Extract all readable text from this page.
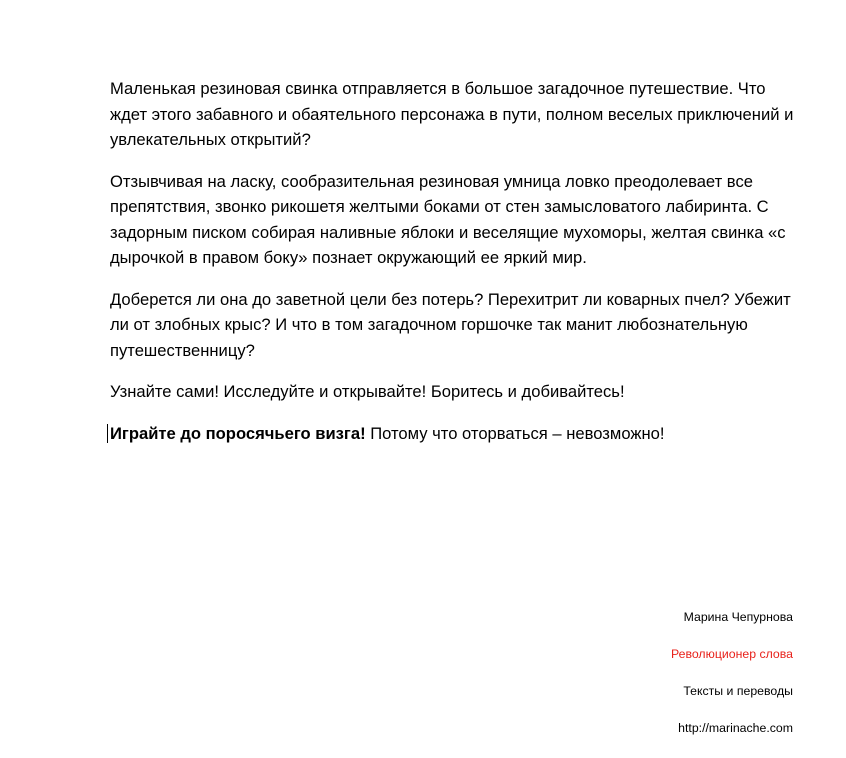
Маленькая резиновая свинка отправляется в большое загадочное путешествие. Что ждет этого забавного и обаятельного персонажа в пути, полном веселых приключений и увлекательных открытий?

Отзывчивая на ласку, сообразительная резиновая умница ловко преодолевает все препятствия, звонко рикошетя желтыми боками от стен замысловатого лабиринта. С задорным писком собирая наливные яблоки и веселящие мухоморы, желтая свинка «с дырочкой в правом боку» познает окружающий ее яркий мир.

Доберется ли она до заветной цели без потерь? Перехитрит ли коварных пчел? Убежит ли от злобных крыс? И что в том загадочном горшочке так манит любознательную путешественницу?

Узнайте сами! Исследуйте и открывайте! Боритесь и добивайтесь!

Играйте до поросячьего визга! Потому что оторваться – невозможно!

Марина Чепурнова
Революционер слова
Тексты и переводы
http://marinache.com
